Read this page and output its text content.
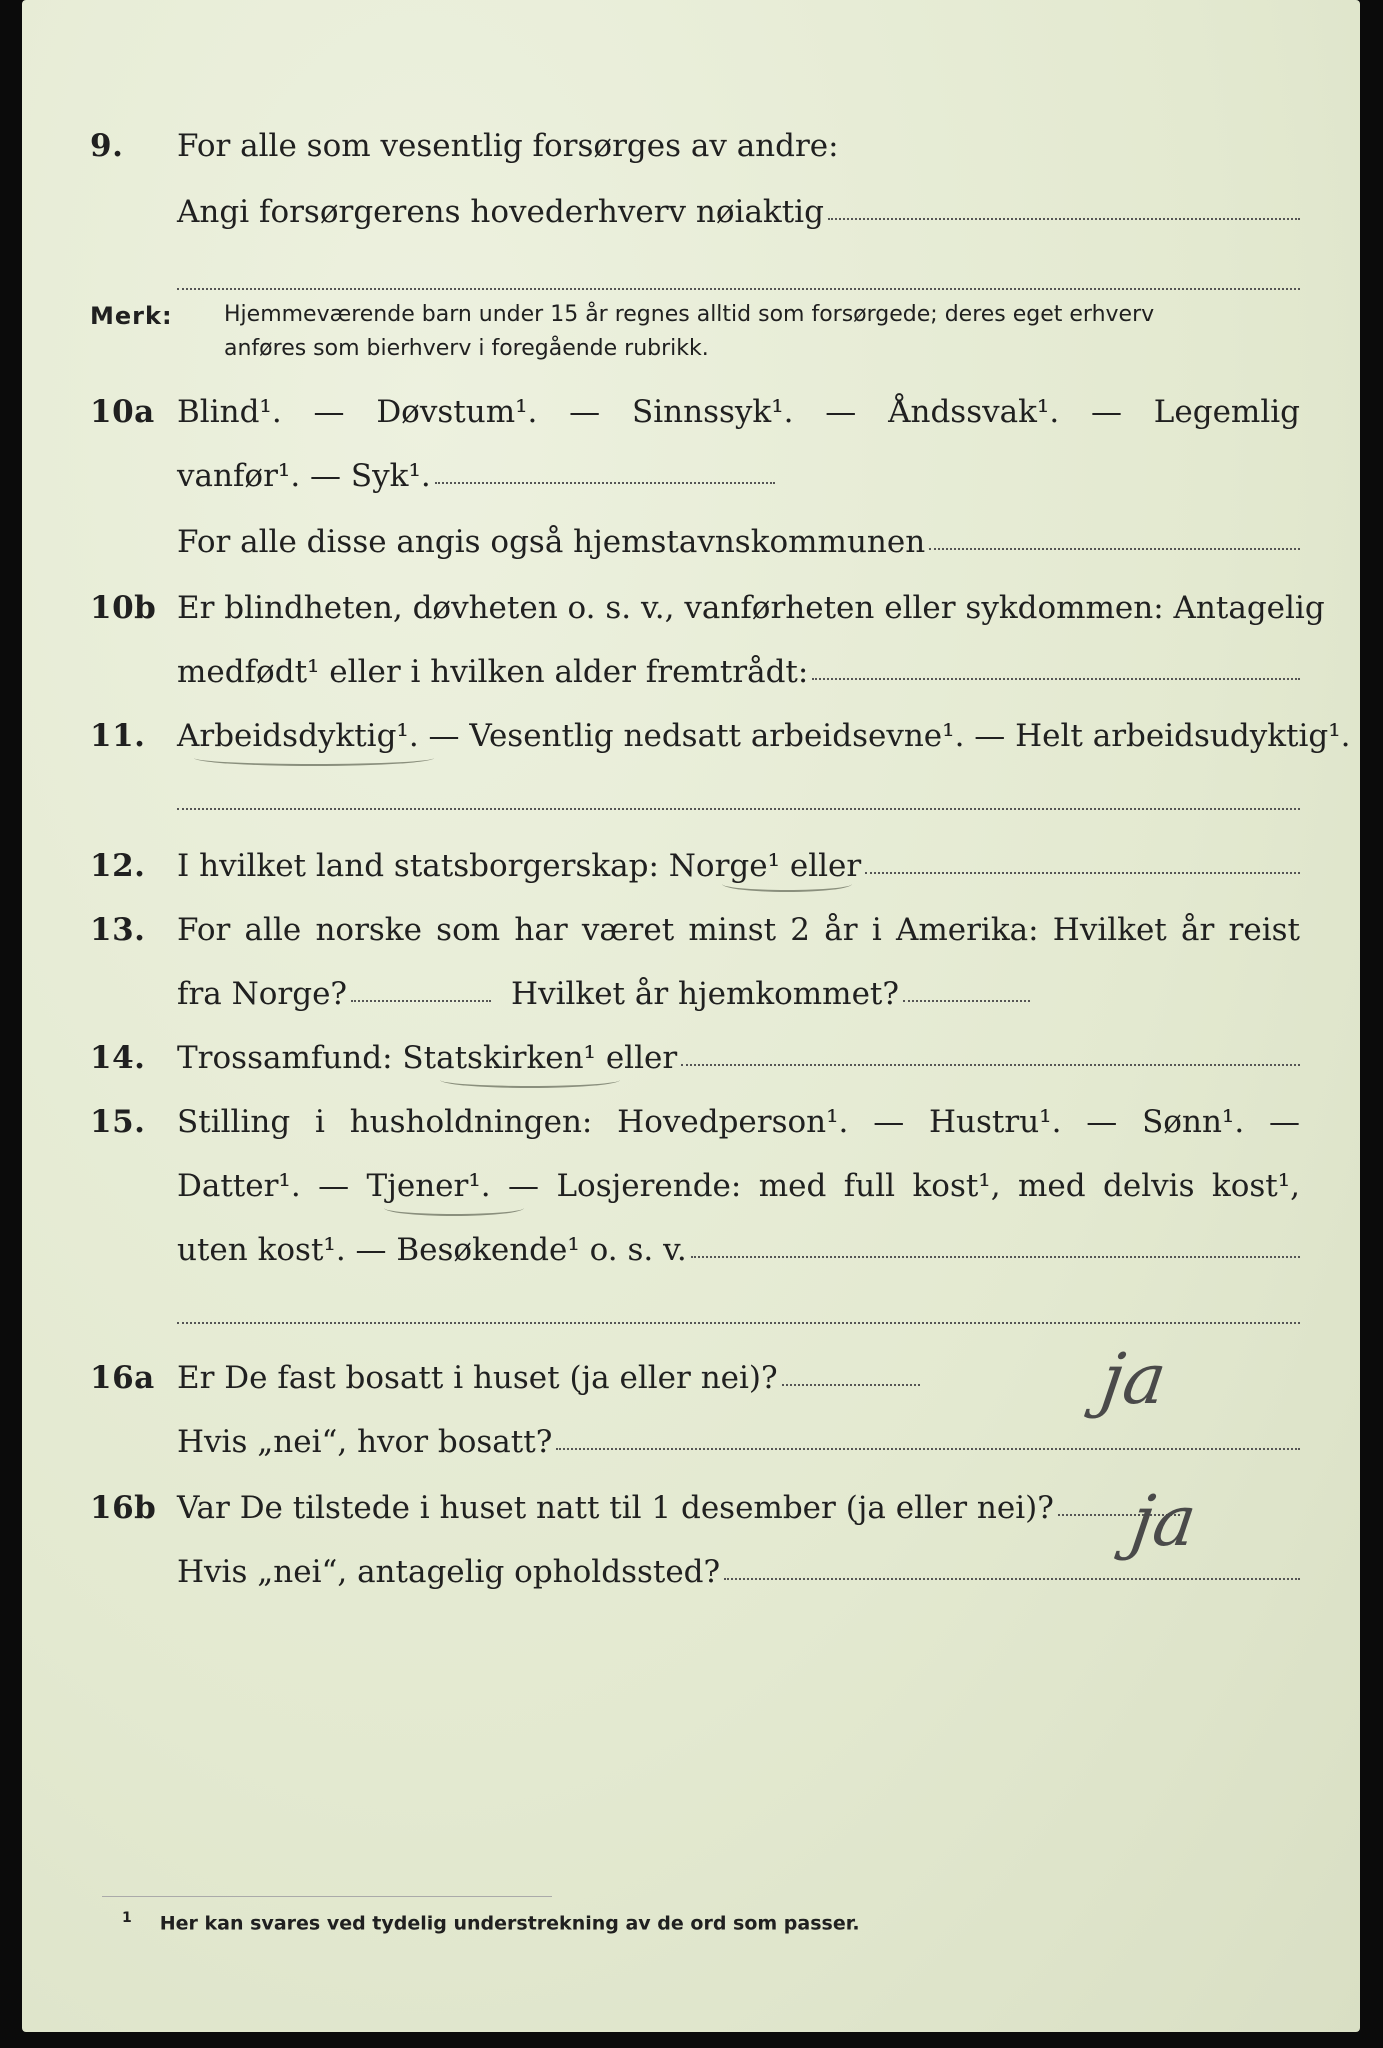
9. For alle som vesentlig forsørges av andre:
Angi forsørgerens hovederhverv nøiaktig
Merk: Hjemmeværende barn under 15 år regnes alltid som forsørgede; deres eget erhverv
anføres som bierhverv i foregående rubrikk.
10a Blind¹. — Døvstum¹. — Sinnssyk¹. — Åndssvak¹. — Legemlig
vanfør¹. — Syk¹.
For alle disse angis også hjemstavnskommunen
10b Er blindheten, døvheten o. s. v., vanførheten eller sykdommen: Antagelig
medfødt¹ eller i hvilken alder fremtrådt:
11. Arbeidsdyktig¹. — Vesentlig nedsatt arbeidsevne¹. — Helt arbeidsudyktig¹.
12. I hvilket land statsborgerskap: Norge¹ eller
13. For alle norske som har været minst 2 år i Amerika: Hvilket år reist
fra Norge?	Hvilket år hjemkommet?
14. Trossamfund: Statskirken¹ eller
15. Stilling i husholdningen: Hovedperson¹. — Hustru¹. — Sønn¹. —
Datter¹. — Tjener¹. — Losjerende: med full kost¹, med delvis kost¹,
uten kost¹. — Besøkende¹ o. s. v.
16a Er De fast bosatt i huset (ja eller nei)?	ja
Hvis „nei“, hvor bosatt?
16b Var De tilstede i huset natt til 1 desember (ja eller nei)? ja
Hvis „nei“, antagelig opholdssted?
$^1$ Her kan svares ved tydelig understrekning av de ord som passer.
